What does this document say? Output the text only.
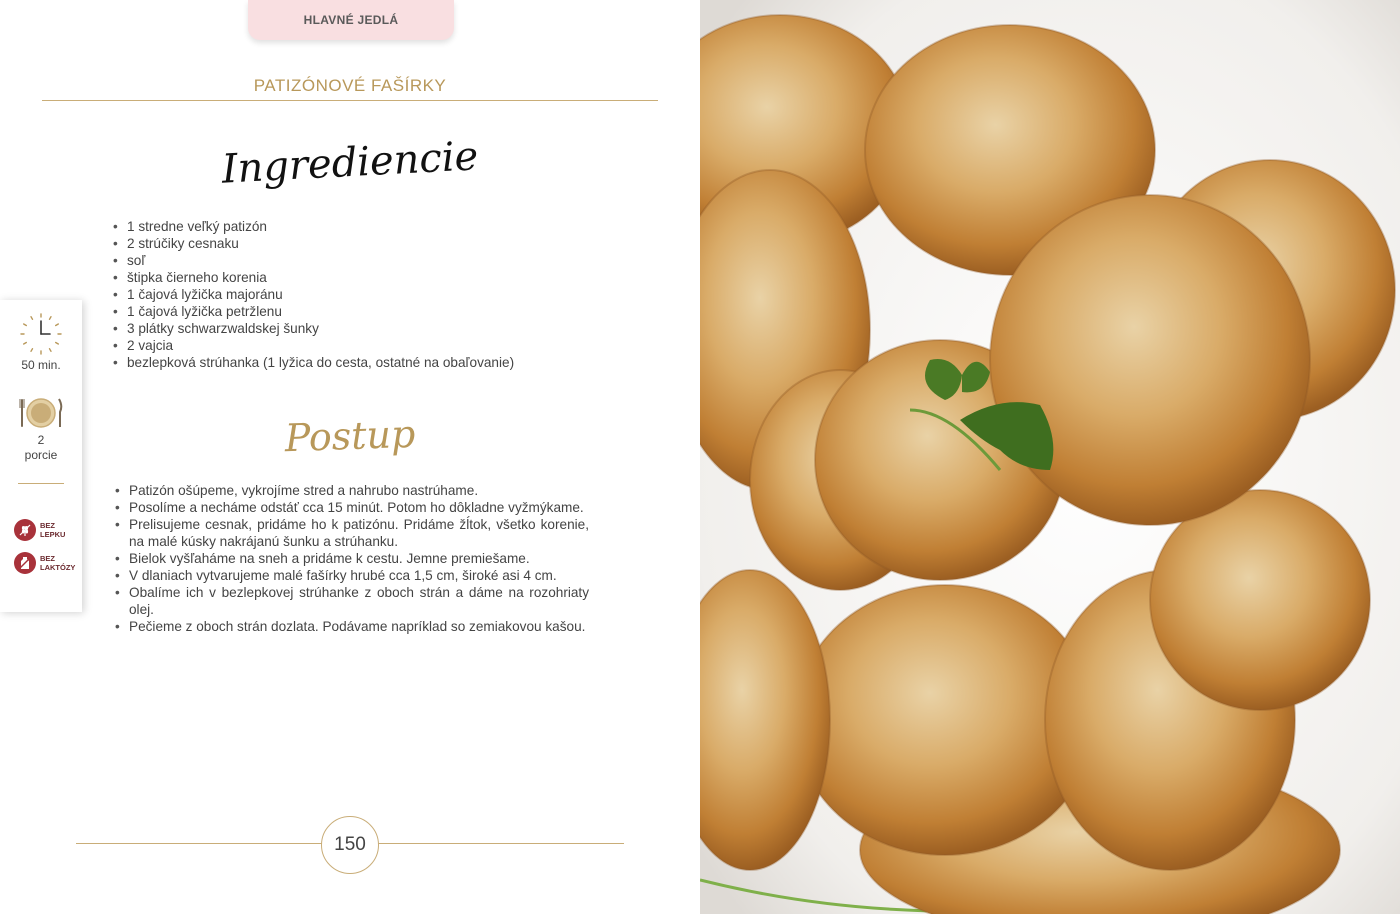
HLAVNÉ JEDLÁ
PATIZÓNOVÉ FAŠÍRKY
Ingrediencie
• 1 stredne veľký patizón
• 2 strúčiky cesnaku
• soľ
• štipka čierneho korenia
• 1 čajová lyžička majoránu
• 1 čajová lyžička petržlenu
• 3 plátky schwarzwaldskej šunky
• 2 vajcia
• bezlepková strúhanka (1 lyžica do cesta, ostatné na obaľovanie)
Postup
• Patizón ošúpeme, vykrojíme stred a nahrubo nastrúhame.
• Posolíme a necháme odstáť cca 15 minút. Potom ho dôkladne vyžmýkame.
• Prelisujeme cesnak, pridáme ho k patizónu. Pridáme žĺtok, všetko korenie, na malé kúsky nakrájanú šunku a strúhanku.
• Bielok vyšľaháme na sneh a pridáme k cestu. Jemne premiešame.
• V dlaniach vytvarujeme malé fašírky hrubé cca 1,5 cm, široké asi 4 cm.
• Obalíme ich v bezlepkovej strúhanke z oboch strán a dáme na rozohriaty olej.
• Pečieme z oboch strán dozlata. Podávame napríklad so zemiakovou kašou.
50 min.
2
porcie
BEZ
LEPKU
BEZ
LAKTÓZY
150
